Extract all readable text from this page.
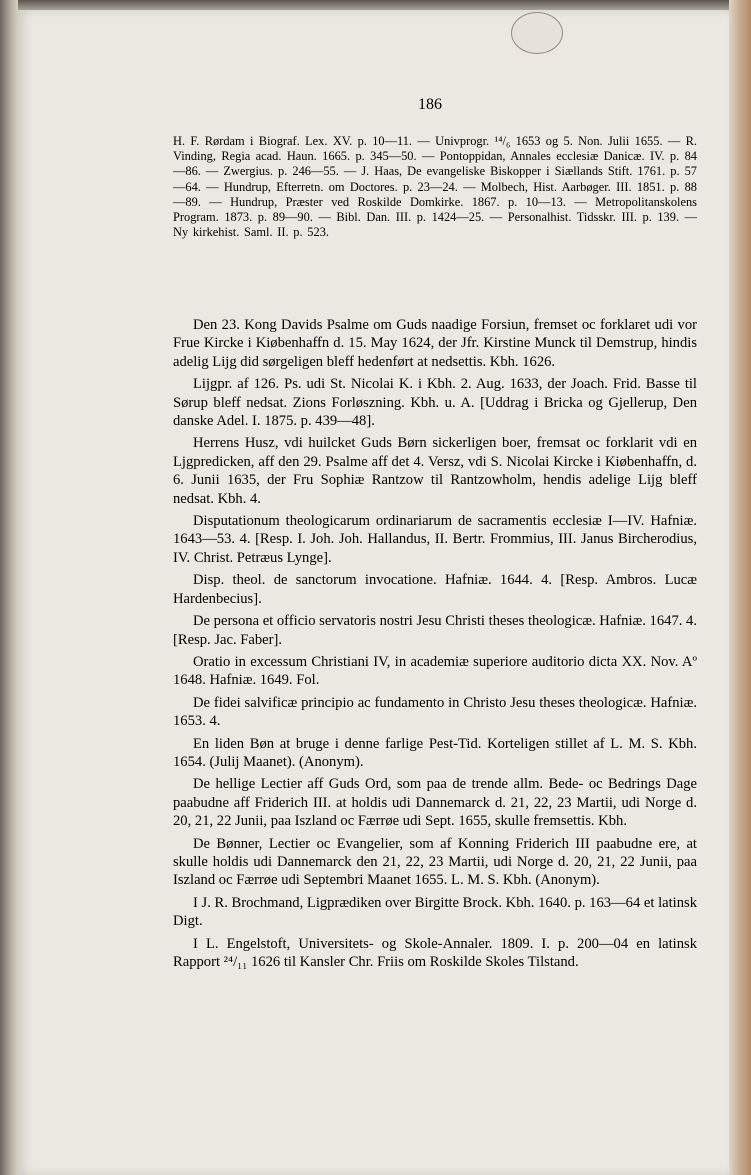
186

H. F. Rørdam i Biograf. Lex. XV. p. 10—11. — Univprogr. ¹⁴/₆ 1653 og 5. Non. Julii 1655. — R. Vinding, Regia acad. Haun. 1665. p. 345—50. — Pontoppidan, Annales ecclesiæ Danicæ. IV. p. 84—86. — Zwergius. p. 246—55. — J. Haas, De evangeliske Biskopper i Siællands Stift. 1761. p. 57—64. — Hundrup, Efterretn. om Doctores. p. 23—24. — Molbech, Hist. Aarbøger. III. 1851. p. 88—89. — Hundrup, Præster ved Roskilde Domkirke. 1867. p. 10—13. — Metropolitanskolens Program. 1873. p. 89—90. — Bibl. Dan. III. p. 1424—25. — Personalhist. Tidsskr. III. p. 139. — Ny kirkehist. Saml. II. p. 523.

Den 23. Kong Davids Psalme om Guds naadige Forsiun, fremset oc forklaret udi vor Frue Kircke i Kiøbenhaffn d. 15. May 1624, der Jfr. Kirstine Munck til Demstrup, hindis adelig Lijg did sørgeligen bleff hedenført at nedsettis. Kbh. 1626.

Lijgpr. af 126. Ps. udi St. Nicolai K. i Kbh. 2. Aug. 1633, der Joach. Frid. Basse til Sørup bleff nedsat. Zions Forløszning. Kbh. u. A. [Uddrag i Bricka og Gjellerup, Den danske Adel. I. 1875. p. 439—48].

Herrens Husz, vdi huilcket Guds Børn sickerligen boer, fremsat oc forklarit vdi en Ljgpredicken, aff den 29. Psalme aff det 4. Versz, vdi S. Nicolai Kircke i Kiøbenhaffn, d. 6. Junii 1635, der Fru Sophiæ Rantzow til Rantzowholm, hendis adelige Lijg bleff nedsat. Kbh. 4.

Disputationum theologicarum ordinariarum de sacramentis ecclesiæ I—IV. Hafniæ. 1643—53. 4. [Resp. I. Joh. Joh. Hallandus, II. Bertr. Frommius, III. Janus Bircherodius, IV. Christ. Petræus Lynge].

Disp. theol. de sanctorum invocatione. Hafniæ. 1644. 4. [Resp. Ambros. Lucæ Hardenbecius].

De persona et officio servatoris nostri Jesu Christi theses theologicæ. Hafniæ. 1647. 4. [Resp. Jac. Faber].

Oratio in excessum Christiani IV, in academiæ superiore auditorio dicta XX. Nov. Aº 1648. Hafniæ. 1649. Fol.

De fidei salvificæ principio ac fundamento in Christo Jesu theses theologicæ. Hafniæ. 1653. 4.

En liden Bøn at bruge i denne farlige Pest-Tid. Korteligen stillet af L. M. S. Kbh. 1654. (Julij Maanet). (Anonym).

De hellige Lectier aff Guds Ord, som paa de trende allm. Bede- oc Bedrings Dage paabudne aff Friderich III. at holdis udi Dannemarck d. 21, 22, 23 Martii, udi Norge d. 20, 21, 22 Junii, paa Iszland oc Færrøe udi Sept. 1655, skulle fremsettis. Kbh.

De Bønner, Lectier oc Evangelier, som af Konning Friderich III paabudne ere, at skulle holdis udi Dannemarck den 21, 22, 23 Martii, udi Norge d. 20, 21, 22 Junii, paa Iszland oc Færrøe udi Septembri Maanet 1655. L. M. S. Kbh. (Anonym).

I J. R. Brochmand, Ligprædiken over Birgitte Brock. Kbh. 1640. p. 163—64 et latinsk Digt.

I L. Engelstoft, Universitets- og Skole-Annaler. 1809. I. p. 200—04 en latinsk Rapport ²⁴/₁₁ 1626 til Kansler Chr. Friis om Roskilde Skoles Tilstand.
